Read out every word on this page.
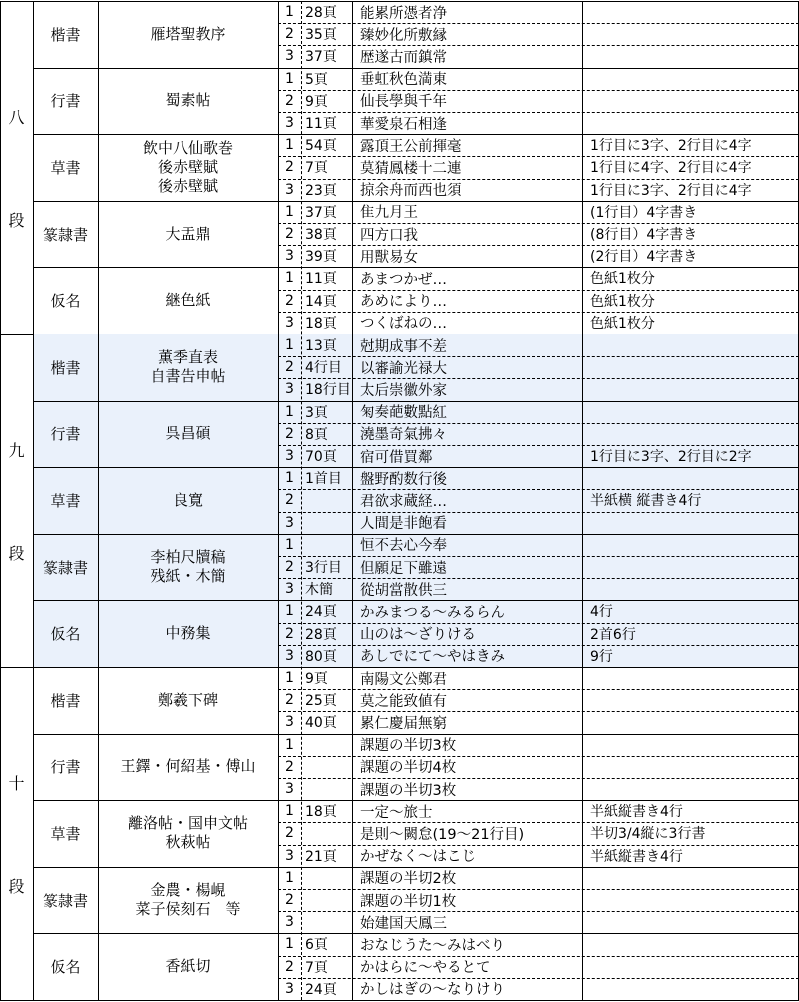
八
段
楷書	雁塔聖教序
1 28頁	能累所憑者浄
2 35頁	臻妙化所敷縁
3 37頁	歴遂古而鎮常
行書	蜀素帖
1 5頁	垂虹秋色満東
2 9頁	仙長學與千年
3 11頁	華愛泉石相逢
草書
飲中八仙歌巻
後赤壁賦
後赤壁賦
1 54頁	露頂王公前揮毫	1行目に3字、2行目に4字
2 7頁	莫猜鳳楼十二連	1行目に4字、2行目に4字
3 23頁	掠余舟而西也須	1行目に3字、2行目に4字
篆隷書	大盂鼎
1 37頁	隹九月王	(1行目）4字書き
2 38頁	四方口我	(8行目）4字書き
3 39頁	用獸易女	(2行目）4字書き
仮名	継色紙
1 11頁	あまつかぜ…	色紙1枚分
2 14頁	あめにより…	色紙1枚分
3 18頁	つくばねの…	色紙1枚分
九
段
楷書
薫季直表
自書告申帖
1 13頁	尅期成事不差
2 4行目	以審諭光禄大
3 18行目 太后崇徽外家
行書	呉昌碩
1 3頁	匊奏葩數點紅
2 8頁	澆墨奇氣拂々
3 70頁	宿可借買鄰	1行目に3字、2行目に2字
草書	良寛
1 1首目	盤野酌数行後
2	君欲求蔵経…	半紙横 縦書き4行
3	人間是非飽看
篆隷書
李柏尺牘稿
残紙・木簡
1	恒不去心今奉
2 3行目	但願足下雖遠
3 木簡	從胡當散供三
仮名	中務集
1 24頁	かみまつる～みるらん	4行
2 28頁	山のは～ざりける	2首6行
3 80頁	あしでにて～やはきみ	9行
十
段
楷書	鄭羲下碑
1 9頁	南陽文公鄭君
2 25頁	莫之能致値有
3 40頁	累仁慶届無窮
行書	王鐸・何紹基・傅山
1	課題の半切3枚
2	課題の半切4枚
3	課題の半切3枚
草書
離洛帖・国申文帖
秋萩帖
1 18頁	一定～旅士	半紙縦書き4行
2	是則～闕怠(19～21行目)	半切3/4縦に3行書
3 21頁	かぜなく～はこじ	半紙縦書き4行
篆隷書
金農・楊峴
菜子侯刻石　等
1	課題の半切2枚
2	課題の半切1枚
3	始建国天鳳三
仮名	香紙切
1 6頁	おなじうた～みはべり
2 7頁	かはらに～やるとて
3 24頁	かしはぎの～なりけり
